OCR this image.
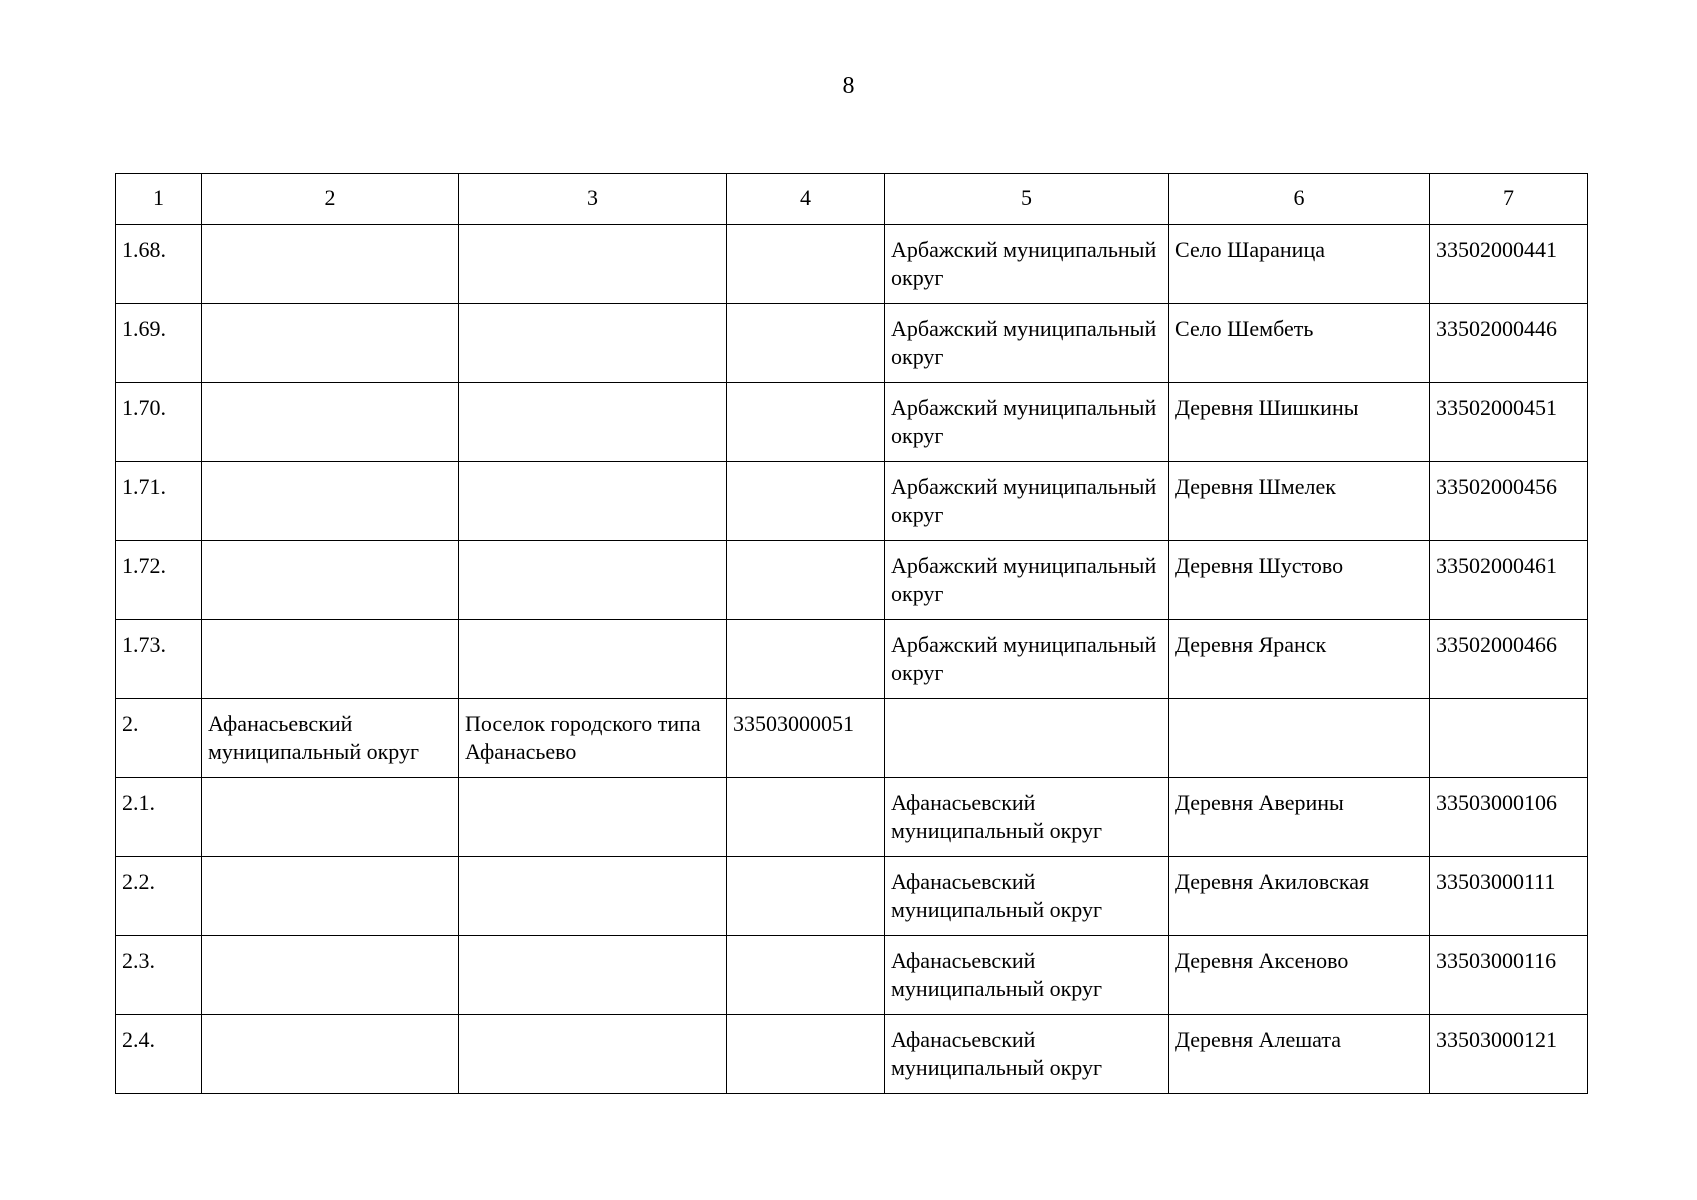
8
1	2	3	4	5	6	7
1.68.				Арбажский муниципальный округ	Село Шараница	33502000441
1.69.				Арбажский муниципальный округ	Село Шембеть	33502000446
1.70.				Арбажский муниципальный округ	Деревня Шишкины	33502000451
1.71.				Арбажский муниципальный округ	Деревня Шмелек	33502000456
1.72.				Арбажский муниципальный округ	Деревня Шустово	33502000461
1.73.				Арбажский муниципальный округ	Деревня Яранск	33502000466
2.	Афанасьевский муниципальный округ	Поселок городского типа Афанасьево	33503000051			
2.1.				Афанасьевский муниципальный округ	Деревня Аверины	33503000106
2.2.				Афанасьевский муниципальный округ	Деревня Акиловская	33503000111
2.3.				Афанасьевский муниципальный округ	Деревня Аксеново	33503000116
2.4.				Афанасьевский муниципальный округ	Деревня Алешата	33503000121
